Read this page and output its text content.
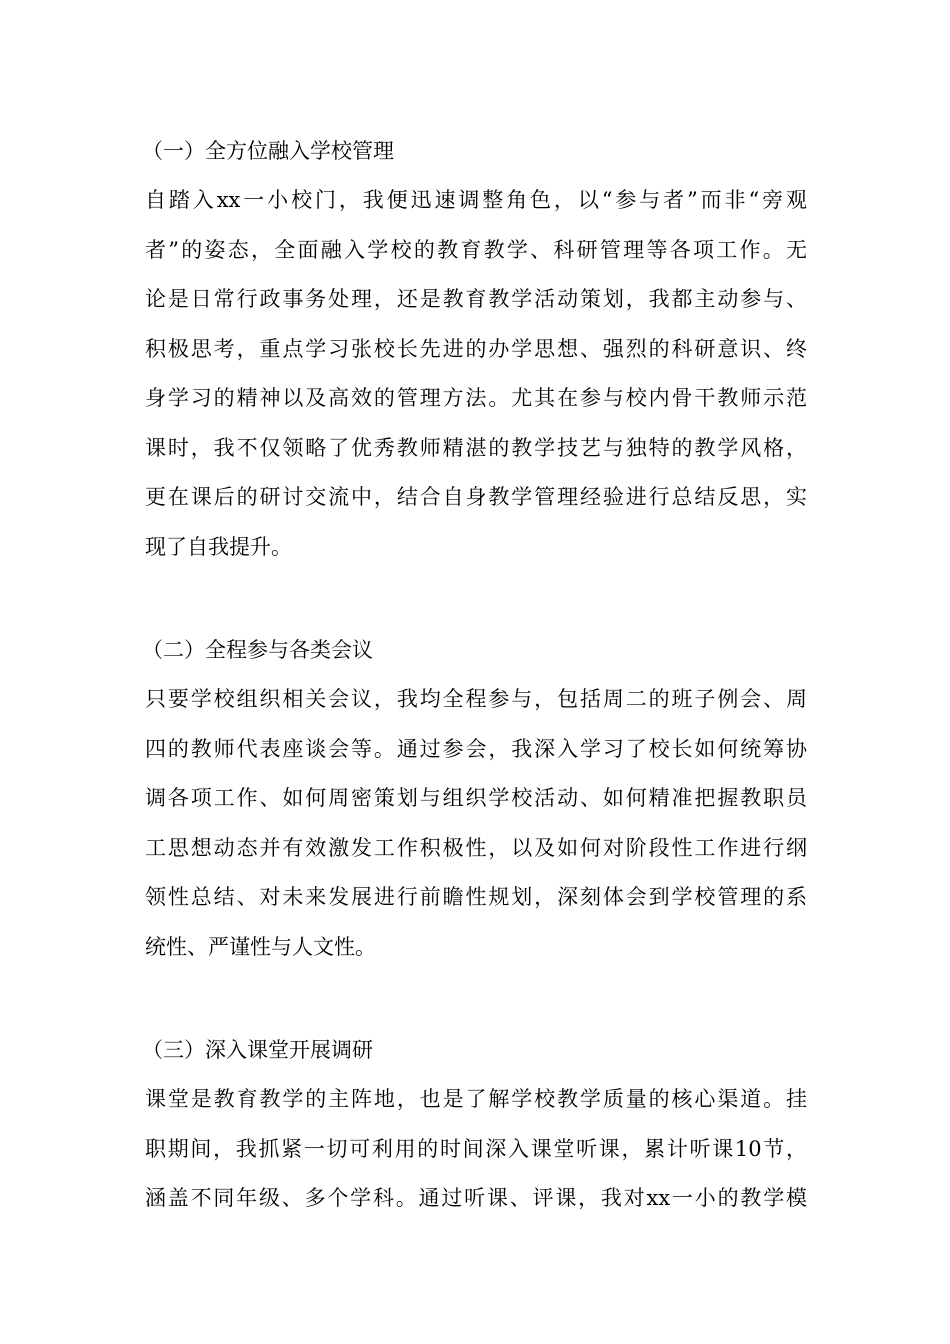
（一）全方位融入学校管理
自踏入xx一小校门，我便迅速调整角色，以“参与者”而非“旁观
者”的姿态，全面融入学校的教育教学、科研管理等各项工作。无
论是日常行政事务处理，还是教育教学活动策划，我都主动参与、
积极思考，重点学习张校长先进的办学思想、强烈的科研意识、终
身学习的精神以及高效的管理方法。尤其在参与校内骨干教师示范
课时，我不仅领略了优秀教师精湛的教学技艺与独特的教学风格，
更在课后的研讨交流中，结合自身教学管理经验进行总结反思，实
现了自我提升。
（二）全程参与各类会议
只要学校组织相关会议，我均全程参与，包括周二的班子例会、周
四的教师代表座谈会等。通过参会，我深入学习了校长如何统筹协
调各项工作、如何周密策划与组织学校活动、如何精准把握教职员
工思想动态并有效激发工作积极性，以及如何对阶段性工作进行纲
领性总结、对未来发展进行前瞻性规划，深刻体会到学校管理的系
统性、严谨性与人文性。
（三）深入课堂开展调研
课堂是教育教学的主阵地，也是了解学校教学质量的核心渠道。挂
职期间，我抓紧一切可利用的时间深入课堂听课，累计听课10节，
涵盖不同年级、多个学科。通过听课、评课，我对xx一小的教学模
